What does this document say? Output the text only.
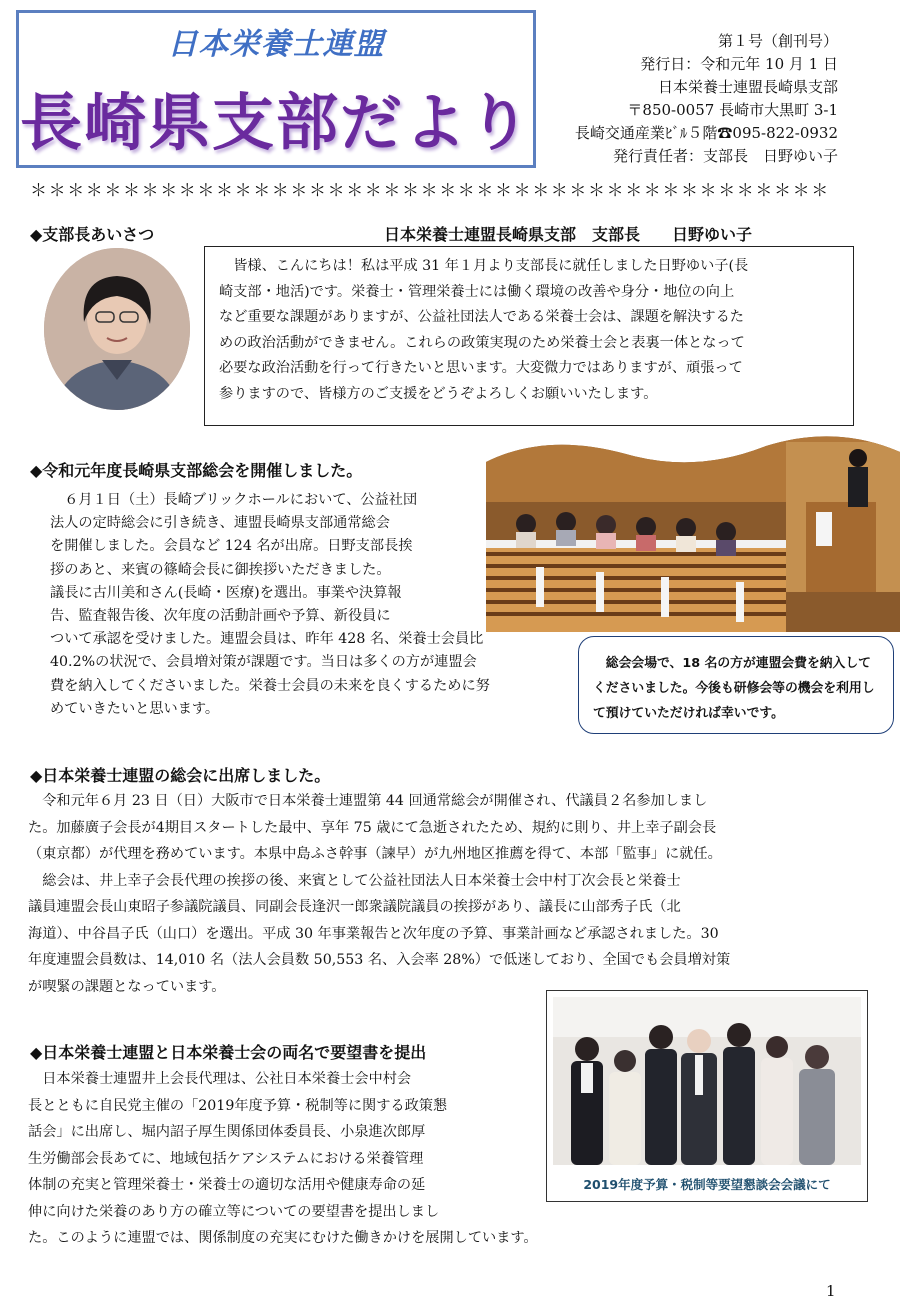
日本栄養士連盟
長崎県支部だより
第１号（創刊号）
発行日：令和元年 10 月 1 日
日本栄養士連盟長崎県支部
〒850-0057 長崎市大黒町 3-1
長崎交通産業ﾋﾞﾙ５階☎095-822-0932
発行責任者：支部長　日野ゆい子
＊＊＊＊＊＊＊＊＊＊＊＊＊＊＊＊＊＊＊＊＊＊＊＊＊＊＊＊＊＊＊＊＊＊＊＊＊＊＊＊＊＊＊
◆支部長あいさつ	日本栄養士連盟長崎県支部　支部長　　日野ゆい子
　皆様、こんにちは！私は平成 31 年１月より支部長に就任しました日野ゆい子(長
崎支部・地活)です。栄養士・管理栄養士には働く環境の改善や身分・地位の向上
など重要な課題がありますが、公益社団法人である栄養士会は、課題を解決するた
めの政治活動ができません。これらの政策実現のため栄養士会と表裏一体となって
必要な政治活動を行って行きたいと思います。大変微力ではありますが、頑張って
参りますので、皆様方のご支援をどうぞよろしくお願いいたします。
◆令和元年度長崎県支部総会を開催しました。
　６月１日（土）長崎ブリックホールにおいて、公益社団
法人の定時総会に引き続き、連盟長崎県支部通常総会
を開催しました。会員など 124 名が出席。日野支部長挨
拶のあと、来賓の篠崎会長に御挨拶いただきました。
議長に古川美和さん(長崎・医療)を選出。事業や決算報
告、監査報告後、次年度の活動計画や予算、新役員に
ついて承認を受けました。連盟会員は、昨年 428 名、栄養士会員比
40.2%の状況で、会員増対策が課題です。当日は多くの方が連盟会
費を納入してくださいました。栄養士会員の未来を良くするために努
めていきたいと思います。
総会会場で、18 名の方が連盟会費を納入してくださいました。今後も研修会等の機会を利用して預けていただければ幸いです。
◆日本栄養士連盟の総会に出席しました。
　令和元年６月 23 日（日）大阪市で日本栄養士連盟第 44 回通常総会が開催され、代議員２名参加しまし
た。加藤廣子会長が4期目スタートした最中、享年 75 歳にて急逝されたため、規約に則り、井上幸子副会長
（東京都）が代理を務めています。本県中島ふさ幹事（諫早）が九州地区推薦を得て、本部「監事」に就任。
　総会は、井上幸子会長代理の挨拶の後、来賓として公益社団法人日本栄養士会中村丁次会長と栄養士
議員連盟会長山東昭子参議院議員、同副会長逢沢一郎衆議院議員の挨拶があり、議長に山部秀子氏（北
海道）、中谷昌子氏（山口）を選出。平成 30 年事業報告と次年度の予算、事業計画など承認されました。30
年度連盟会員数は、14,010 名（法人会員数 50,553 名、入会率 28%）で低迷しており、全国でも会員増対策
が喫緊の課題となっています。
◆日本栄養士連盟と日本栄養士会の両名で要望書を提出
　日本栄養士連盟井上会長代理は、公社日本栄養士会中村会
長とともに自民党主催の「2019年度予算・税制等に関する政策懇
話会」に出席し、堀内詔子厚生関係団体委員長、小泉進次郎厚
生労働部会長あてに、地域包括ケアシステムにおける栄養管理
体制の充実と管理栄養士・栄養士の適切な活用や健康寿命の延
伸に向けた栄養のあり方の確立等についての要望書を提出しまし
た。このように連盟では、関係制度の充実にむけた働きかけを展開しています。
2019年度予算・税制等要望懇談会会議にて
1
